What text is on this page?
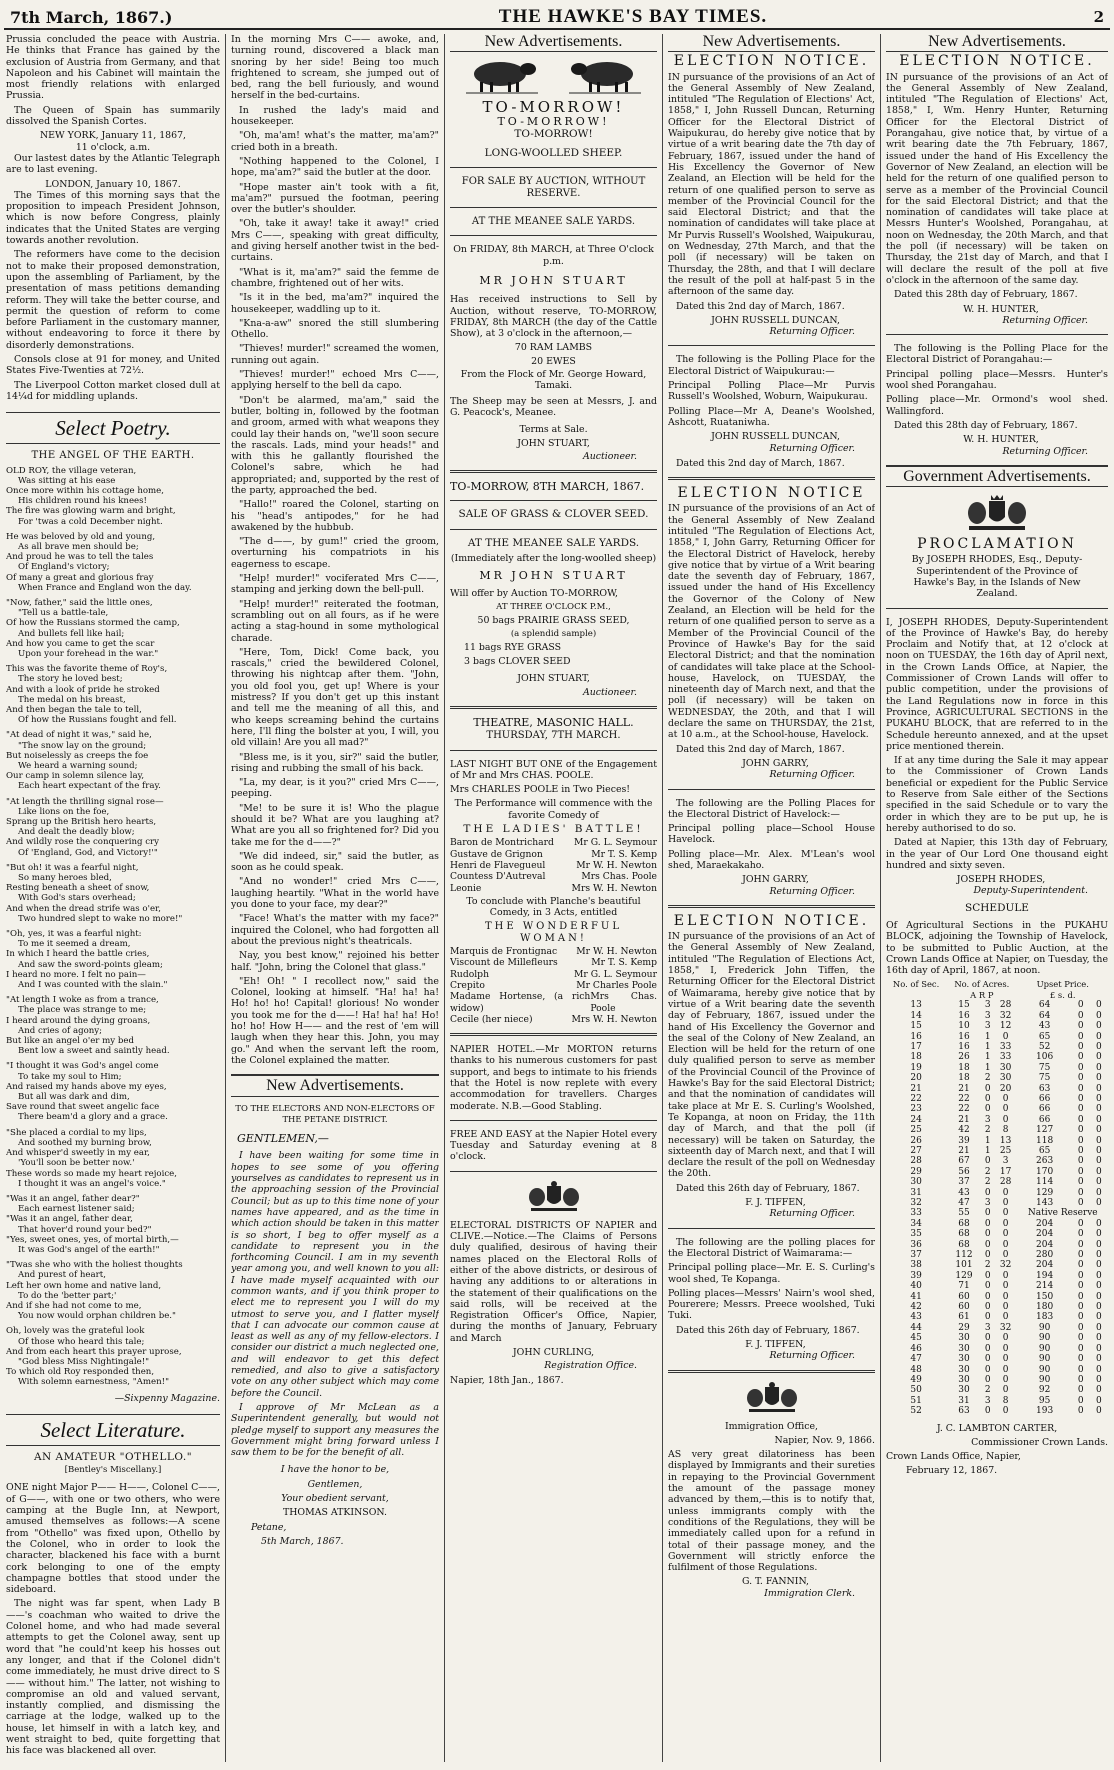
7th March, 1867.)	THE HAWKE'S BAY TIMES.	2

Prussia concluded the peace with Austria. He thinks that France has gained by the exclusion of Austria from Germany, and that Napoleon and his Cabinet will maintain the most friendly relations with enlarged Prussia.

The Queen of Spain has summarily dissolved the Spanish Cortes.

NEW YORK, January 11, 1867,

11 o'clock, a.m.

Our lastest dates by the Atlantic Telegraph are to last evening.

LONDON, January 10, 1867.

The Times of this morning says that the proposition to impeach President Johnson, which is now before Congress, plainly indicates that the United States are verging towards another revolution.

The reformers have come to the decision not to make their proposed demonstration, upon the assembling of Parliament, by the presentation of mass petitions demanding reform. They will take the better course, and permit the question of reform to come before Parliament in the customary manner, without endeavoring to force it there by disorderly demonstrations.

Consols close at 91 for money, and United States Five-Twenties at 72½.

The Liverpool Cotton market closed dull at 14¼d for middling uplands.

Select Poetry.
THE ANGEL OF THE EARTH.
OLD ROY, the village veteran,
Was sitting at his ease
Once more within his cottage home,
His children round his knees!
The fire was glowing warm and bright,
For 'twas a cold December night.
He was beloved by old and young,
As all brave men should be;
And proud he was to tell the tales
Of England's victory;
Of many a great and glorious fray
When France and England won the day.
"Now, father," said the little ones,
"Tell us a battle-tale,
Of how the Russians stormed the camp,
And bullets fell like hail;
And how you came to get the scar
Upon your forehead in the war."
This was the favorite theme of Roy's,
The story he loved best;
And with a look of pride he stroked
The medal on his breast,
And then began the tale to tell,
Of how the Russians fought and fell.
"At dead of night it was," said he,
"The snow lay on the ground;
But noiselessly as creeps the foe
We heard a warning sound;
Our camp in solemn silence lay,
Each heart expectant of the fray.
"At length the thrilling signal rose—
Like lions on the foe,
Sprang up the British hero hearts,
And dealt the deadly blow;
And wildly rose the conquering cry
Of 'England, God, and Victory!'"
"But oh! it was a fearful night,
So many heroes bled,
Resting beneath a sheet of snow,
With God's stars overhead;
And when the dread strife was o'er,
Two hundred slept to wake no more!"
"Oh, yes, it was a fearful night:
To me it seemed a dream,
In which I heard the battle cries,
And saw the sword-points gleam;
I heard no more. I felt no pain—
And I was counted with the slain."
"At length I woke as from a trance,
The place was strange to me;
I heard around the dying groans,
And cries of agony;
But like an angel o'er my bed
Bent low a sweet and saintly head.
"I thought it was God's angel come
To take my soul to Him;
And raised my hands above my eyes,
But all was dark and dim,
Save round that sweet angelic face
There beam'd a glory and a grace.
"She placed a cordial to my lips,
And soothed my burning brow,
And whisper'd sweetly in my ear,
'You'll soon be better now.'
These words so made my heart rejoice,
I thought it was an angel's voice."
"Was it an angel, father dear?"
Each earnest listener said;
"Was it an angel, father dear,
That hover'd round your bed?"
"Yes, sweet ones, yes, of mortal birth,—
It was God's angel of the earth!"
"Twas she who with the holiest thoughts
And purest of heart,
Left her own home and native land,
To do the 'better part;'
And if she had not come to me,
You now would orphan children be."
Oh, lovely was the grateful look
Of those who heard this tale;
And from each heart this prayer uprose,
"God bless Miss Nightingale!"
To which old Roy responded then,
With solemn earnestness, "Amen!"
—Sixpenny Magazine.
Select Literature.
AN AMATEUR "OTHELLO."
[Bentley's Miscellany.]

ONE night Major P—— H——, Colonel C——, of G——, with one or two others, who were camping at the Bugle Inn, at Newport, amused themselves as follows:—A scene from "Othello" was fixed upon, Othello by the Colonel, who in order to look the character, blackened his face with a burnt cork belonging to one of the empty champagne bottles that stood under the sideboard.

The night was far spent, when Lady B——'s coachman who waited to drive the Colonel home, and who had made several attempts to get the Colonel away, sent up word that "he could'nt keep his hosses out any longer, and that if the Colonel didn't come immediately, he must drive direct to S—— without him." The latter, not wishing to compromise an old and valued servant, instantly complied, and dismissing the carriage at the lodge, walked up to the house, let himself in with a latch key, and went straight to bed, quite forgetting that his face was blackened all over.

In the morning Mrs C—— awoke, and, turning round, discovered a black man snoring by her side! Being too much frightened to scream, she jumped out of bed, rang the bell furiously, and wound herself in the bed-curtains.

In rushed the lady's maid and housekeeper.

"Oh, ma'am! what's the matter, ma'am?" cried both in a breath.

"Nothing happened to the Colonel, I hope, ma'am?" said the butler at the door.

"Hope master ain't took with a fit, ma'am?" pursued the footman, peering over the butler's shoulder.

"Oh, take it away! take it away!" cried Mrs C——, speaking with great difficulty, and giving herself another twist in the bed-curtains.

"What is it, ma'am?" said the femme de chambre, frightened out of her wits.

"Is it in the bed, ma'am?" inquired the housekeeper, waddling up to it.

"Kna-a-aw" snored the still slumbering Othello.

"Thieves! murder!" screamed the women, running out again.

"Thieves! murder!" echoed Mrs C——, applying herself to the bell da capo.

"Don't be alarmed, ma'am," said the butler, bolting in, followed by the footman and groom, armed with what weapons they could lay their hands on, "we'll soon secure the rascals. Lads, mind your heads!" and with this he gallantly flourished the Colonel's sabre, which he had appropriated; and, supported by the rest of the party, approached the bed.

"Hallo!" roared the Colonel, starting on his "head's antipodes," for he had awakened by the hubbub.

"The d——, by gum!" cried the groom, overturning his compatriots in his eagerness to escape.

"Help! murder!" vociferated Mrs C——, stamping and jerking down the bell-pull.

"Help! murder!" reiterated the footman, scrambling out on all fours, as if he were acting a stag-hound in some mythological charade.

"Here, Tom, Dick! Come back, you rascals," cried the bewildered Colonel, throwing his nightcap after them. "John, you old fool you, get up! Where is your mistress? If you don't get up this instant and tell me the meaning of all this, and who keeps screaming behind the curtains here, I'll fling the bolster at you, I will, you old villain! Are you all mad?"

"Bless me, is it you, sir?" said the butler, rising and rubbing the small of his back.

"La, my dear, is it you?" cried Mrs C——, peeping.

"Me! to be sure it is! Who the plague should it be? What are you laughing at? What are you all so frightened for? Did you take me for the d——?"

"We did indeed, sir," said the butler, as soon as he could speak.

"And no wonder!" cried Mrs C——, laughing heartily. "What in the world have you done to your face, my dear?"

"Face! What's the matter with my face?" inquired the Colonel, who had forgotten all about the previous night's theatricals.

Nay, you best know," rejoined his better half. "John, bring the Colonel that glass."

"Eh! Oh! " I recollect now," said the Colonel, looking at himself. "Ha! ha! ha! Ho! ho! ho! Capital! glorious! No wonder you took me for the d——! Ha! ha! ha! Ho! ho! ho! How H—— and the rest of 'em will laugh when they hear this. John, you may go." And when the servant left the room, the Colonel explained the matter.

New Advertisements.

TO THE ELECTORS AND NON-ELECTORS OF THE PETANE DISTRICT.

GENTLEMEN,—

I have been waiting for some time in hopes to see some of you offering yourselves as candidates to represent us in the approaching session of the Provincial Council; but as up to this time none of your names have appeared, and as the time in which action should be taken in this matter is so short, I beg to offer myself as a candidate to represent you in the forthcoming Council. I am in my seventh year among you, and well known to you all: I have made myself acquainted with our common wants, and if you think proper to elect me to represent you I will do my utmost to serve you, and I flatter myself that I can advocate our common cause at least as well as any of my fellow-electors. I consider our district a much neglected one, and will endeavor to get this defect remedied, and also to give a satisfactory vote on any other subject which may come before the Council.

I approve of Mr McLean as a Superintendent generally, but would not pledge myself to support any measures the Government might bring forward unless I saw them to be for the benefit of all.

I have the honor to be,

Gentlemen,

Your obedient servant,

THOMAS ATKINSON.

Petane,

5th March, 1867.

New Advertisements.

TO-MORROW!

TO-MORROW!

TO-MORROW!

LONG-WOOLLED SHEEP.

FOR SALE BY AUCTION, WITHOUT RESERVE.

AT THE MEANEE SALE YARDS.

On FRIDAY, 8th MARCH, at Three O'clock p.m.

MR JOHN STUART

Has received instructions to Sell by Auction, without reserve, TO-MORROW, FRIDAY, 8th MARCH (the day of the Cattle Show), at 3 o'clock in the afternoon,—

70 RAM LAMBS

20 EWES

From the Flock of Mr. George Howard, Tamaki.

The Sheep may be seen at Messrs, J. and G. Peacock's, Meanee.

Terms at Sale.

JOHN STUART,

Auctioneer.

TO-MORROW, 8TH MARCH, 1867.

SALE OF GRASS & CLOVER SEED.

AT THE MEANEE SALE YARDS.

(Immediately after the long-woolled sheep)

MR JOHN STUART

Will offer by Auction TO-MORROW,

AT THREE O'CLOCK P.M.,

50 bags PRAIRIE GRASS SEED,

(a splendid sample)

11 bags RYE GRASS

3 bags CLOVER SEED

JOHN STUART,

Auctioneer.

THEATRE, MASONIC HALL.

THURSDAY, 7TH MARCH.

LAST NIGHT BUT ONE of the Engagement of Mr and Mrs CHAS. POOLE.

Mrs CHARLES POOLE in Two Pieces!

The Performance will commence with the favorite Comedy of

THE LADIES' BATTLE!

Baron de Montrichard Mr G. L. Seymour
Gustave de Grignon	Mr T. S. Kemp
Henri de Flavegueul	Mr W. H. Newton
Countess D'Autreval	Mrs Chas. Poole
Leonie	Mrs W. H. Newton

To conclude with Planche's beautiful Comedy, in 3 Acts, entitled

THE WONDERFUL WOMAN!

Marquis de Frontignac Mr W. H. Newton
Viscount de Millefleurs	Mr T. S. Kemp
Rudolph	Mr G. L. Seymour
Crepito	Mr Charles Poole
Madame Hortense, (a rich widow)
Mrs Chas. Poole
Cecile (her niece)	Mrs W. H. Newton

NAPIER HOTEL.—Mr MORTON returns thanks to his numerous customers for past support, and begs to intimate to his friends that the Hotel is now replete with every accommodation for travellers. Charges moderate. N.B.—Good Stabling.

FREE AND EASY at the Napier Hotel every Tuesday and Saturday evening at 8 o'clock.

ELECTORAL DISTRICTS OF NAPIER and CLIVE.—Notice.—The Claims of Persons duly qualified, desirous of having their names placed on the Electoral Rolls of either of the above districts, or desirous of having any additions to or alterations in the statement of their qualifications on the said rolls, will be received at the Registration Officer's Office, Napier, during the months of January, February and March

JOHN CURLING,

Registration Office.

Napier, 18th Jan., 1867.

New Advertisements.

ELECTION NOTICE.

IN pursuance of the provisions of an Act of the General Assembly of New Zealand, intituled "The Regulation of Elections' Act, 1858," I, John Russell Duncan, Returning Officer for the Electoral District of Waipukurau, do hereby give notice that by virtue of a writ bearing date the 7th day of February, 1867, issued under the hand of His Excellency the Governor of New Zealand, an Election will be held for the return of one qualified person to serve as member of the Provincial Council for the said Electoral District; and that the nomination of candidates will take place at Mr Purvis Russell's Woolshed, Waipukurau, on Wednesday, 27th March, and that the poll (if necessary) will be taken on Thursday, the 28th, and that I will declare the result of the poll at half-past 5 in the afternoon of the same day.

Dated this 2nd day of March, 1867.

JOHN RUSSELL DUNCAN,

Returning Officer.

The following is the Polling Place for the Electoral District of Waipukurau:—

Principal Polling Place—Mr Purvis Russell's Woolshed, Woburn, Waipukurau.

Polling Place—Mr A, Deane's Woolshed, Ashcott, Ruataniwha.

JOHN RUSSELL DUNCAN,

Returning Officer.

Dated this 2nd day of March, 1867.

ELECTION NOTICE

IN pursuance of the provisions of an Act of the General Assembly of New Zealand intituled "The Regulation of Elections Act, 1858," I, John Garry, Returning Officer for the Electoral District of Havelock, hereby give notice that by virtue of a Writ bearing date the seventh day of February, 1867, issued under the hand of His Excellency the Governor of the Colony of New Zealand, an Election will be held for the return of one qualified person to serve as a Member of the Provincial Council of the Province of Hawke's Bay for the said Electoral District; and that the nomination of candidates will take place at the School-house, Havelock, on TUESDAY, the nineteenth day of March next, and that the poll (if necessary) will be taken on WEDNESDAY, the 20th, and that I will declare the same on THURSDAY, the 21st, at 10 a.m., at the School-house, Havelock.

Dated this 2nd day of March, 1867.

JOHN GARRY,

Returning Officer.

The following are the Polling Places for the Electoral District of Havelock:—

Principal polling place—School House Havelock.

Polling place—Mr. Alex. M'Lean's wool shed, Maraekakaho.

JOHN GARRY,

Returning Officer.

ELECTION NOTICE.

IN pursuance of the provisions of an Act of the General Assembly of New Zealand, intituled "The Regulation of Elections Act, 1858," I, Frederick John Tiffen, the Returning Officer for the Electoral District of Waimarama, hereby give notice that by virtue of a Writ bearing date the seventh day of February, 1867, issued under the hand of His Excellency the Governor and the seal of the Colony of New Zealand, an Election will be held for the return of one duly qualified person to serve as member of the Provincial Council of the Province of Hawke's Bay for the said Electoral District; and that the nomination of candidates will take place at Mr E. S. Curling's Woolshed, Te Kopanga, at noon on Friday, the 11th day of March, and that the poll (if necessary) will be taken on Saturday, the sixteenth day of March next, and that I will declare the result of the poll on Wednesday the 20th.

Dated this 26th day of February, 1867.

F. J. TIFFEN,

Returning Officer.

The following are the polling places for the Electoral District of Waimarama:—

Principal polling place—Mr. E. S. Curling's wool shed, Te Kopanga.

Polling places—Messrs' Nairn's wool shed, Pourerere; Messrs. Preece woolshed, Tuki Tuki.

Dated this 26th day of February, 1867.

F. J. TIFFEN,

Returning Officer.

Immigration Office,

Napier, Nov. 9, 1866.

AS very great dilatoriness has been displayed by Immigrants and their sureties in repaying to the Provincial Government the amount of the passage money advanced by them,—this is to notify that, unless immigrants comply with the conditions of the Regulations, they will be immediately called upon for a refund in total of their passage money, and the Government will strictly enforce the fulfilment of those Regulations.

G. T. FANNIN,

Immigration Clerk.

New Advertisements.

ELECTION NOTICE.

IN pursuance of the provisions of an Act of the General Assembly of New Zealand, intituled "The Regulation of Elections' Act, 1858," I, Wm. Henry Hunter, Returning Officer for the Electoral District of Porangahau, give notice that, by virtue of a writ bearing date the 7th February, 1867, issued under the hand of His Excellency the Governor of New Zealand, an election will be held for the return of one qualified person to serve as a member of the Provincial Council for the said Electoral District; and that the nomination of candidates will take place at Messrs Hunter's Woolshed, Porangahau, at noon on Wednesday, the 20th March, and that the poll (if necessary) will be taken on Thursday, the 21st day of March, and that I will declare the result of the poll at five o'clock in the afternoon of the same day.

Dated this 28th day of February, 1867.

W. H. HUNTER,

Returning Officer.

The following is the Polling Place for the Electoral District of Porangahau:—

Principal polling place—Messrs. Hunter's wool shed Porangahau.

Polling place—Mr. Ormond's wool shed. Wallingford.

Dated this 28th day of February, 1867.

W. H. HUNTER,

Returning Officer.

Government Advertisements.

PROCLAMATION

By JOSEPH RHODES, Esq., Deputy-Superintendent of the Province of Hawke's Bay, in the Islands of New Zealand.

I, JOSEPH RHODES, Deputy-Superintendent of the Province of Hawke's Bay, do hereby Proclaim and Notify that, at 12 o'clock at noon on TUESDAY, the 16th day of April next, in the Crown Lands Office, at Napier, the Commissioner of Crown Lands will offer to public competition, under the provisions of the Land Regulations now in force in this Province, AGRICULTURAL SECTIONS in the PUKAHU BLOCK, that are referred to in the Schedule hereunto annexed, and at the upset price mentioned therein.

If at any time during the Sale it may appear to the Commissioner of Crown Lands beneficial or expedient for the Public Service to Reserve from Sale either of the Sections specified in the said Schedule or to vary the order in which they are to be put up, he is hereby authorised to do so.

Dated at Napier, this 13th day of February, in the year of Our Lord One thousand eight hundred and sixty seven.

JOSEPH RHODES,

Deputy-Superintendent.

SCHEDULE

Of Agricultural Sections in the PUKAHU BLOCK, adjoining the Township of Havelock, to be submitted to Public Auction, at the Crown Lands Office at Napier, on Tuesday, the 16th day of April, 1867, at noon.

No. of Sec.	No. of Acres.			Upset Price.		
	A R P			£ s. d.		
13	15	3	28	64	0	0
14	16	3	32	64	0	0
15	10	3	12	43	0	0
16	16	1	0	65	0	0
17	16	1	33	52	0	0
18	26	1	33	106	0	0
19	18	1	30	75	0	0
20	18	2	30	75	0	0
21	21	0	20	63	0	0
22	22	0	0	66	0	0
23	22	0	0	66	0	0
24	21	3	0	66	0	0
25	42	2	8	127	0	0
26	39	1	13	118	0	0
27	21	1	25	65	0	0
28	67	0	3	263	0	0
29	56	2	17	170	0	0
30	37	2	28	114	0	0
31	43	0	0	129	0	0
32	47	3	0	143	0	0
33	55	0	0	Native Reserve		
34	68	0	0	204	0	0
35	68	0	0	204	0	0
36	68	0	0	204	0	0
37	112	0	0	280	0	0
38	101	2	32	204	0	0
39	129	0	0	194	0	0
40	71	0	0	214	0	0
41	60	0	0	150	0	0
42	60	0	0	180	0	0
43	61	0	0	183	0	0
44	29	3	32	90	0	0
45	30	0	0	90	0	0
46	30	0	0	90	0	0
47	30	0	0	90	0	0
48	30	0	0	90	0	0
49	30	0	0	90	0	0
50	30	2	0	92	0	0
51	31	3	8	95	0	0
52	63	0	0	193	0	0

J. C. LAMBTON CARTER,

Commissioner Crown Lands.

Crown Lands Office, Napier,

February 12, 1867.
